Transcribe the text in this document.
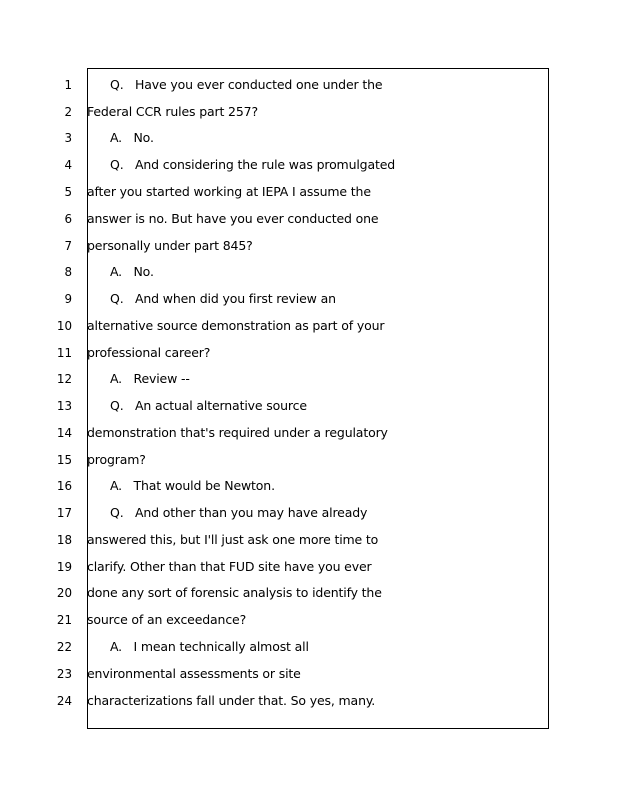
1	Q.   Have you ever conducted one under the
2 Federal CCR rules part 257?
3	A.   No.
4	Q.   And considering the rule was promulgated
5 after you started working at IEPA I assume the
6 answer is no. But have you ever conducted one
7 personally under part 845?
8	A.   No.
9	Q.   And when did you first review an
10 alternative source demonstration as part of your
11 professional career?
12	A.   Review --
13	Q.   An actual alternative source
14 demonstration that's required under a regulatory
15 program?
16	A.   That would be Newton.
17	Q.   And other than you may have already
18 answered this, but I'll just ask one more time to
19 clarify. Other than that FUD site have you ever
20 done any sort of forensic analysis to identify the
21 source of an exceedance?
22	A.   I mean technically almost all
23 environmental assessments or site
24 characterizations fall under that. So yes, many.
